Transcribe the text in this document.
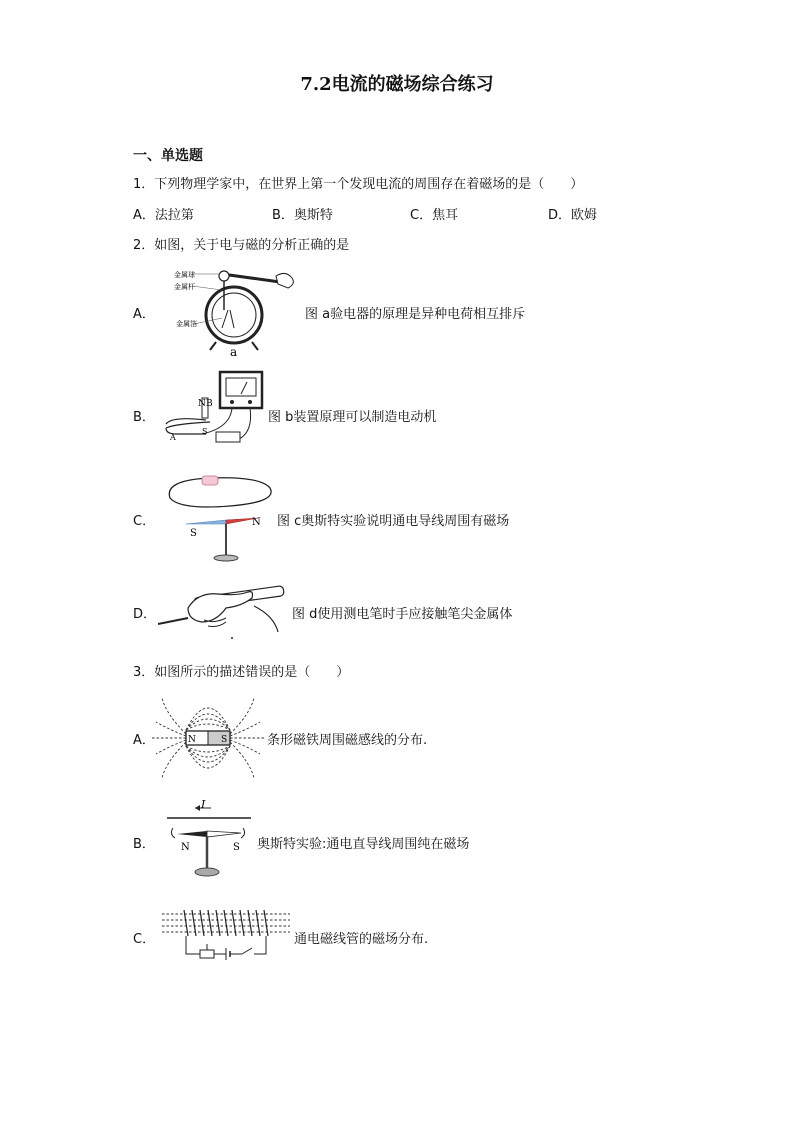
7.2电流的磁场综合练习
一、单选题
1．下列物理学家中，在世界上第一个发现电流的周围存在着磁场的是（　　）
A．法拉第	B．奥斯特	C．焦耳	D．欧姆
2．如图，关于电与磁的分析正确的是
A．
金属球
金属杆
金属箔
a
图 a验电器的原理是异种电荷相互排斥
B．
N B
S
A
图 b装置原理可以制造电动机
C．
S
N 图 c奥斯特实验说明通电导线周围有磁场
D．	图 d使用测电笔时手应接触笔尖金属体
3．如图所示的描述错误的是（　　）
A．	N	S	条形磁铁周围磁感线的分布.
B．
I
N	S 奥斯特实验:通电直导线周围纯在磁场
C．	通电磁线管的磁场分布.
